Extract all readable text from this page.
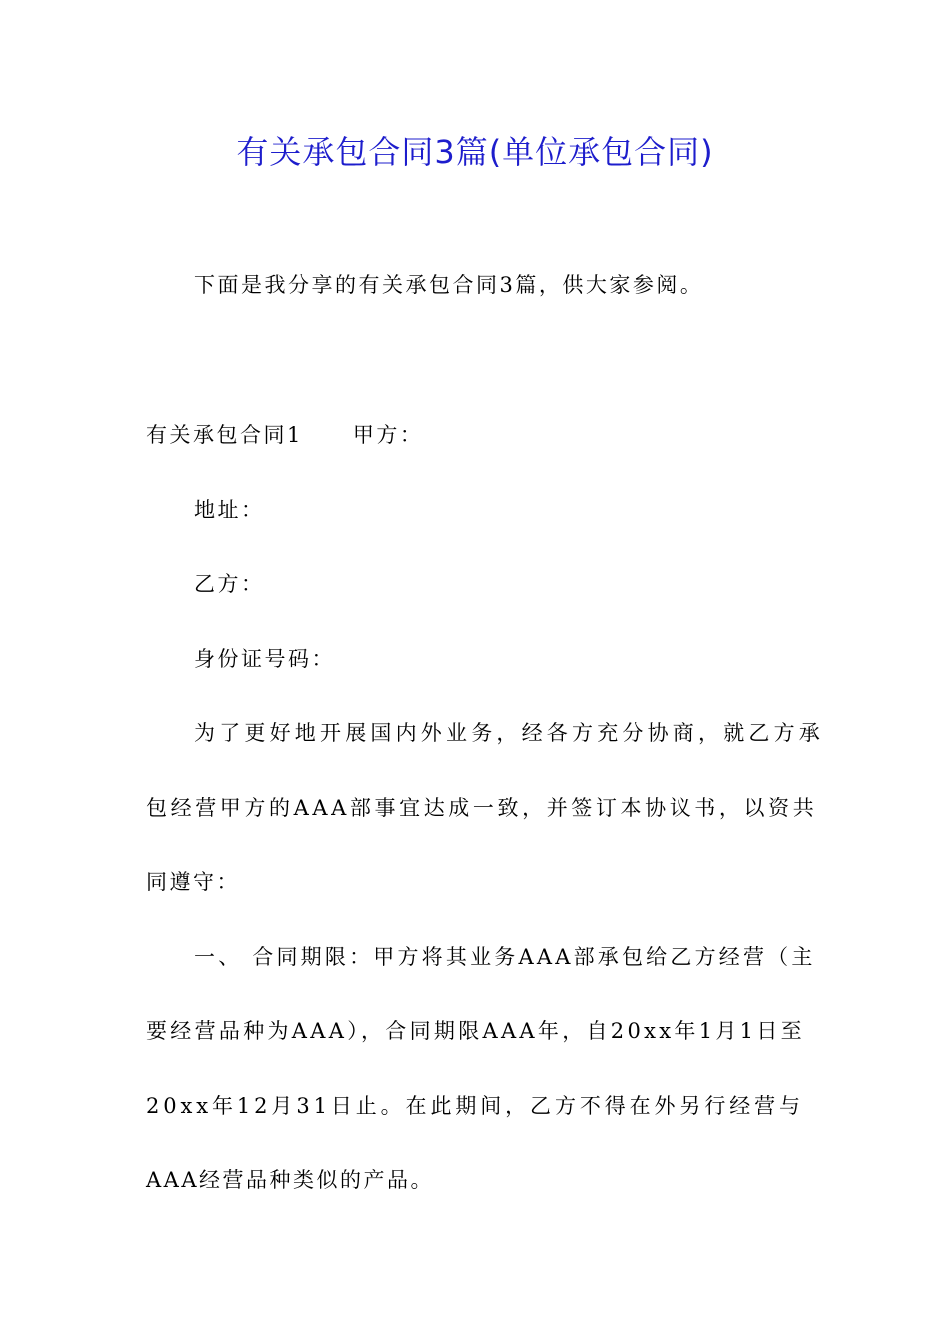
有关承包合同3篇(单位承包合同)
下面是我分享的有关承包合同3篇，供大家参阅。
有关承包合同1 甲方：
地址：
乙方：
身份证号码：
为了更好地开展国内外业务，经各方充分协商，就乙方承
包经营甲方的AAA部事宜达成一致，并签订本协议书，以资共
同遵守：
一、 合同期限：甲方将其业务AAA部承包给乙方经营（主
要经营品种为AAA），合同期限AAA年，自20xx年1月1日至
20xx年12月31日止。在此期间，乙方不得在外另行经营与
AAA经营品种类似的产品。
